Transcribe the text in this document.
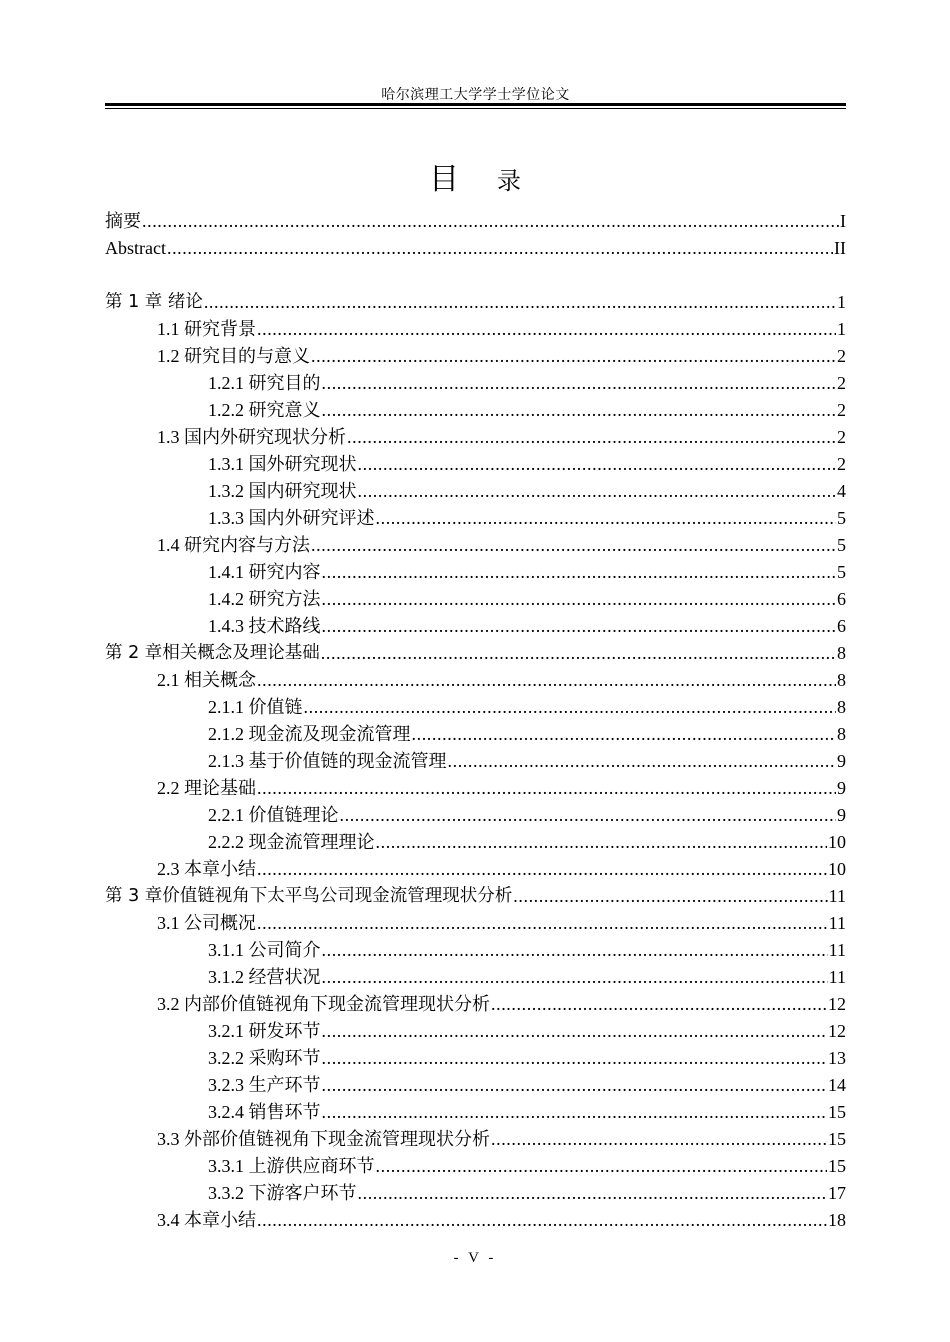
哈尔滨理工大学学士学位论文
目 录
摘要 .....	I
Abstract .....	II
第 1 章 绪论 .....	1
1.1 研究背景 .....	1
1.2 研究目的与意义 .....	2
1.2.1 研究目的 .....	2
1.2.2 研究意义 .....	2
1.3 国内外研究现状分析 .....	2
1.3.1 国外研究现状 .....	2
1.3.2 国内研究现状 .....	4
1.3.3 国内外研究评述 .....	5
1.4 研究内容与方法 .....	5
1.4.1 研究内容 .....	5
1.4.2 研究方法 .....	6
1.4.3 技术路线 .....	6
第 2 章相关概念及理论基础 .....	8
2.1 相关概念 .....	8
2.1.1 价值链 .....	8
2.1.2 现金流及现金流管理 .....	8
2.1.3 基于价值链的现金流管理 .....	9
2.2 理论基础 .....	9
2.2.1 价值链理论 .....	9
2.2.2 现金流管理理论 .....	10
2.3 本章小结 .....	10
第 3 章价值链视角下太平鸟公司现金流管理现状分析 .....	11
3.1 公司概况 .....	11
3.1.1 公司简介 .....	11
3.1.2 经营状况 .....	11
3.2 内部价值链视角下现金流管理现状分析 .....	12
3.2.1 研发环节 .....	12
3.2.2 采购环节 .....	13
3.2.3 生产环节 .....	14
3.2.4 销售环节 .....	15
3.3 外部价值链视角下现金流管理现状分析 .....	15
3.3.1 上游供应商环节 .....	15
3.3.2 下游客户环节 .....	17
3.4 本章小结 .....	18
- V -
